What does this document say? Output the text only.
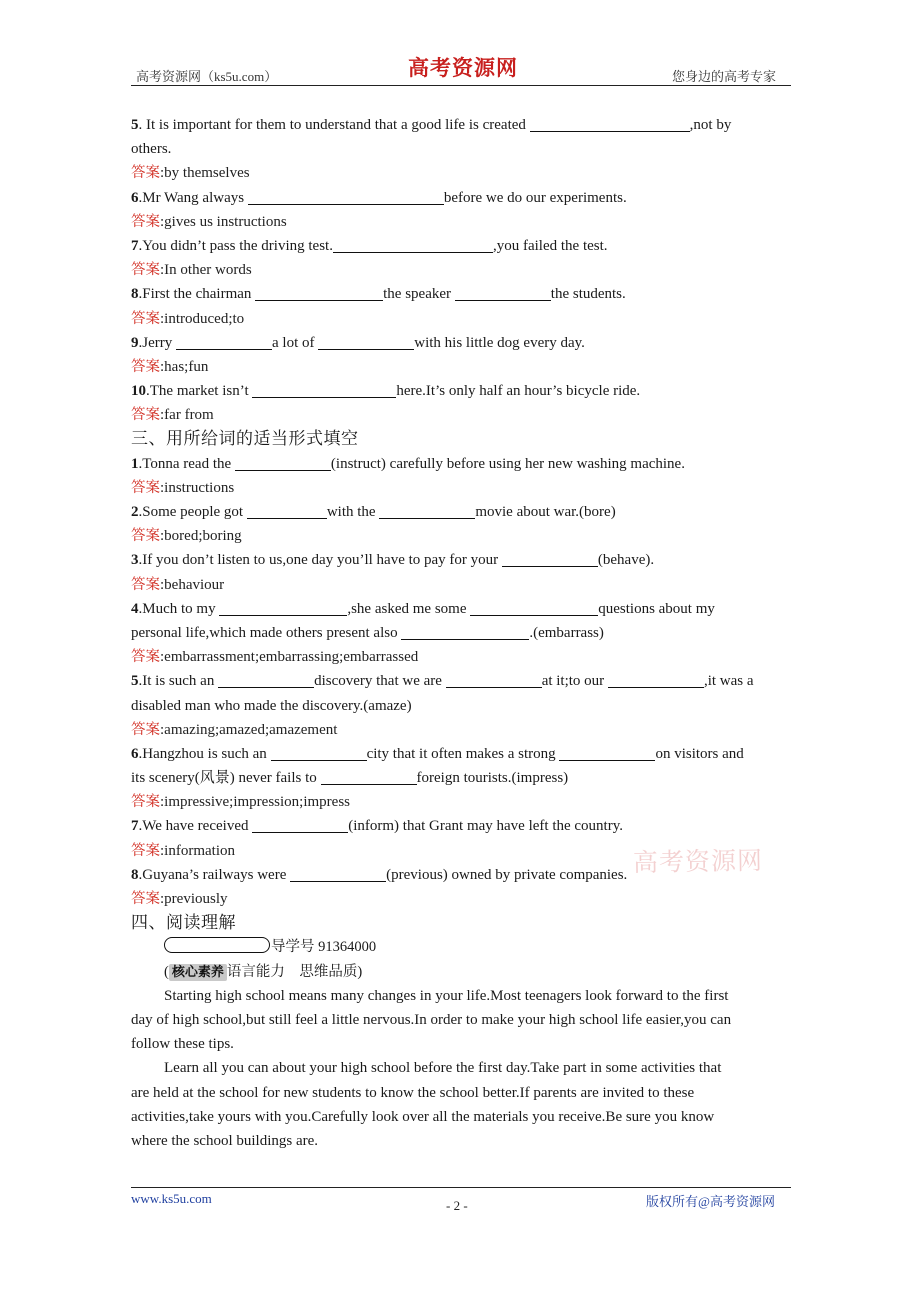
高考资源网（ks5u.com）	高考资源网	您身边的高考专家
5. It is important for them to understand that a good life is created	,not by
others.
答案:by themselves
6.Mr Wang always	before we do our experiments.
答案:gives us instructions
7.You didn’t pass the driving test.	,you failed the test.
答案:In other words
8.First the chairman	the speaker	the students.
答案:introduced;to
9.Jerry	a lot of	with his little dog every day.
答案:has;fun
10.The market isn’t	here.It’s only half an hour’s bicycle ride.
答案:far from
三、用所给词的适当形式填空
1.Tonna read the	(instruct) carefully before using her new washing machine.
答案:instructions
2.Some people got	with the	movie about war.(bore)
答案:bored;boring
3.If you don’t listen to us,one day you’ll have to pay for your	(behave).
答案:behaviour
4.Much to my	,she asked me some	questions about my
personal life,which made others present also	.(embarrass)
答案:embarrassment;embarrassing;embarrassed
5.It is such an	discovery that we are	at it;to our	,it was a
disabled man who made the discovery.(amaze)
答案:amazing;amazed;amazement
6.Hangzhou is such an	city that it often makes a strong	on visitors and
its scenery(风景) never fails to	foreign tourists.(impress)
答案:impressive;impression;impress
7.We have received	(inform) that Grant may have left the country.
答案:information
8.Guyana’s railways were	(previous) owned by private companies.
答案:previously
四、阅读理解
导学号 91364000
( 核心素养 语言能力　思维品质)
Starting high school means many changes in your life.Most teenagers look forward to the first
day of high school,but still feel a little nervous.In order to make your high school life easier,you can
follow these tips.
Learn all you can about your high school before the first day.Take part in some activities that
are held at the school for new students to know the school better.If parents are invited to these
activities,take yours with you.Carefully look over all the materials you receive.Be sure you know
where the school buildings are.
高考资源网
www.ks5u.com	- 2 -	版权所有@高考资源网
